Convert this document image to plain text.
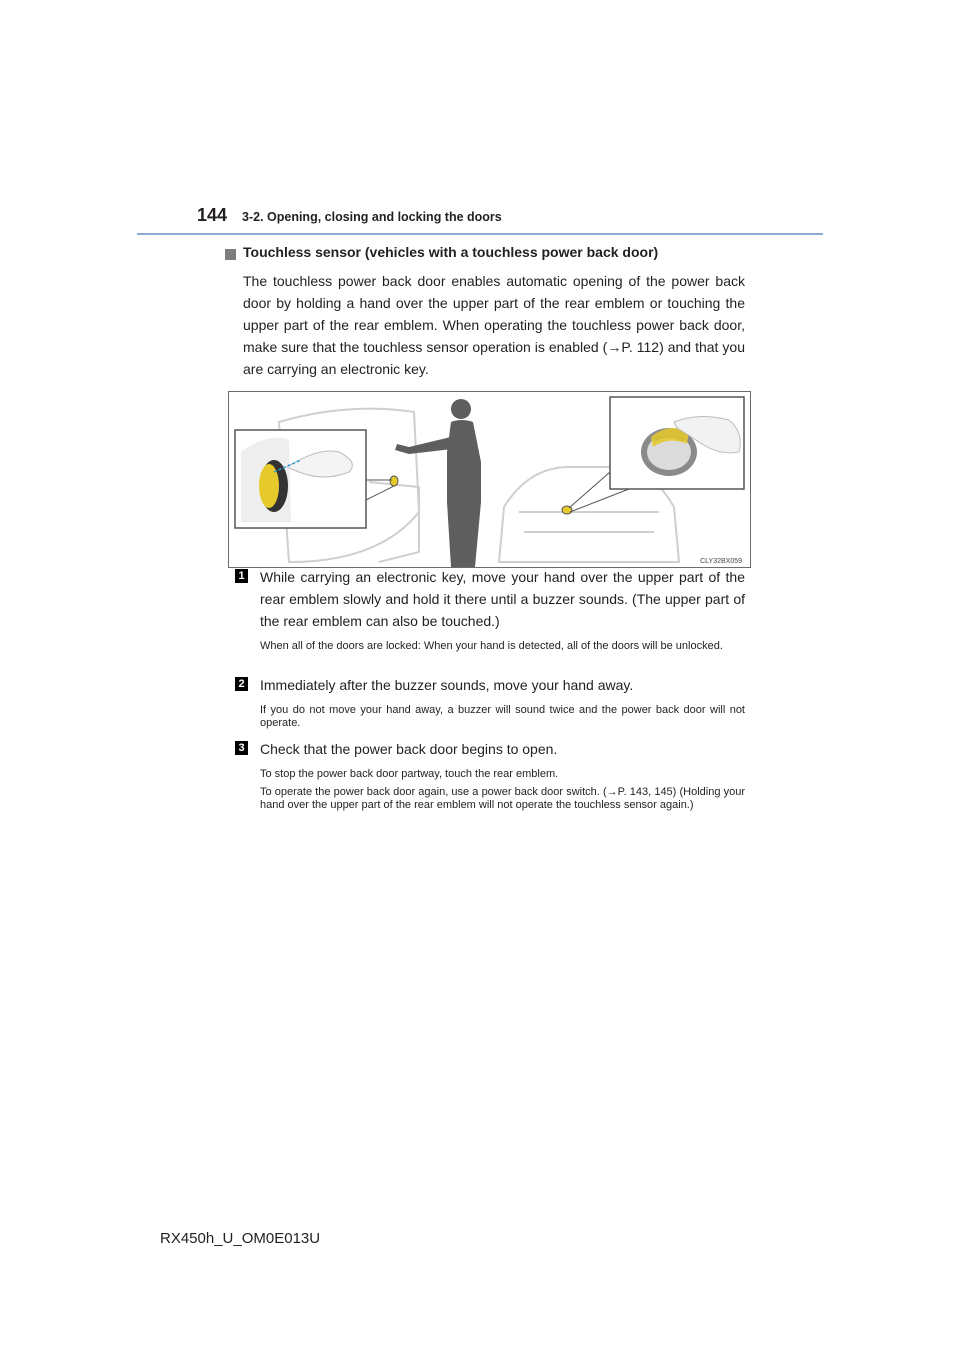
144 3-2. Opening, closing and locking the doors
Touchless sensor (vehicles with a touchless power back door)
The touchless power back door enables automatic opening of the power back door by holding a hand over the upper part of the rear emblem or touching the upper part of the rear emblem. When operating the touchless power back door, make sure that the touchless sensor operation is enabled (→P. 112) and that you are carrying an electronic key.
CLY32BX059
1 While carrying an electronic key, move your hand over the upper part of the rear emblem slowly and hold it there until a buzzer sounds. (The upper part of the rear emblem can also be touched.)
When all of the doors are locked: When your hand is detected, all of the doors will be unlocked.
2 Immediately after the buzzer sounds, move your hand away.
If you do not move your hand away, a buzzer will sound twice and the power back door will not operate.
3 Check that the power back door begins to open.
To stop the power back door partway, touch the rear emblem.
To operate the power back door again, use a power back door switch. (→P. 143, 145) (Holding your hand over the upper part of the rear emblem will not operate the touchless sensor again.)
RX450h_U_OM0E013U
